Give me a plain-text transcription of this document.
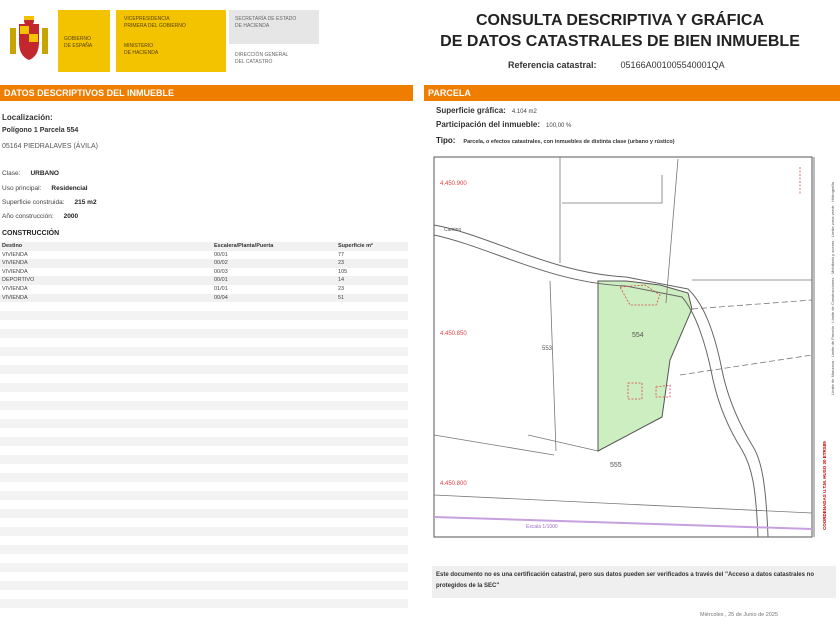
GOBIERNO
DE ESPAÑA
VICEPRESIDENCIA
PRIMERA DEL GOBIERNO
MINISTERIO
DE HACIENDA
SECRETARÍA DE ESTADO
DE HACIENDA
DIRECCIÓN GENERAL
DEL CATASTRO
CONSULTA DESCRIPTIVA Y GRÁFICA
DE DATOS CATASTRALES DE BIEN INMUEBLE
Referencia catastral:	05166A001005540001QA
DATOS DESCRIPTIVOS DEL INMUEBLE	PARCELA
Localización:
Polígono 1 Parcela 554
05164 PIEDRALAVES (ÁVILA)
Clase: URBANO
Uso principal: Residencial
Superficie construida: 215 m2
Año construcción: 2000
CONSTRUCCIÓN
Destino	Escalera/Planta/Puerta	Superficie m²
VIVIENDA	00/01	77
VIVIENDA	00/02	23
VIVIENDA	00/03	105
DEPORTIVO	00/01	14
VIVIENDA	01/01	23
VIVIENDA	00/04	51
Superficie gráfica: 4.104 m2
Participación del inmueble: 100,00 %
Tipo: Parcela, o efectos catastrales, con inmuebles de distinta clase (urbano y rústico)
4.450.900
4.450.850
4.450.800
554
553
555
Camino
Escala 1/1000	COORDENADAS U.T.M. HUSO 30 ETRS89
Límite de Manzana · Límite de Parcela · Límite de Construcciones · Mobiliario y aceras · Límite zona verde · Hidrografía
Este documento no es una certificación catastral, pero sus datos pueden ser verificados a través del "Acceso a datos catastrales no protegidos de la SEC"
Miércoles , 25 de Junio de 2025
